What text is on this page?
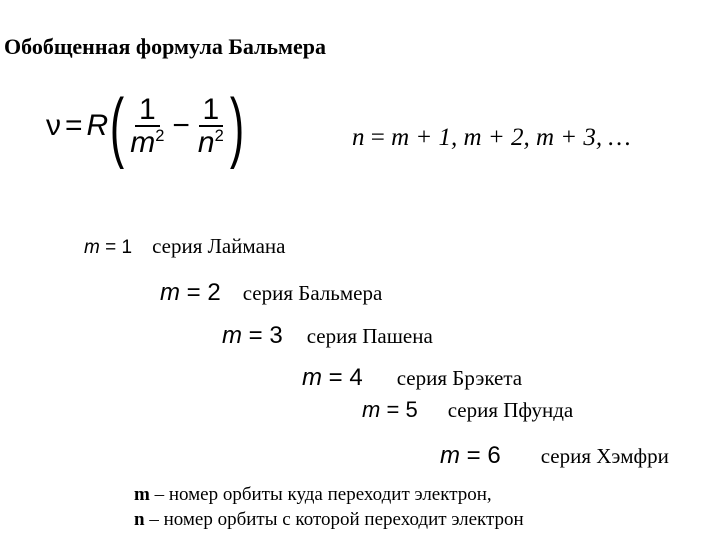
Обобщенная формула Бальмера
ν = R ( $\frac{1}{m^2} - \frac{1}{n^2}$ )	n = m + 1, m + 2, m + 3, …
m = 1 серия Лаймана
m = 2 серия Бальмера
m = 3 серия Пашена
m = 4 серия Брэкета
m = 5 серия Пфунда
m = 6 серия Хэмфри
m – номер орбиты куда переходит электрон,
n – номер орбиты с которой переходит электрон
